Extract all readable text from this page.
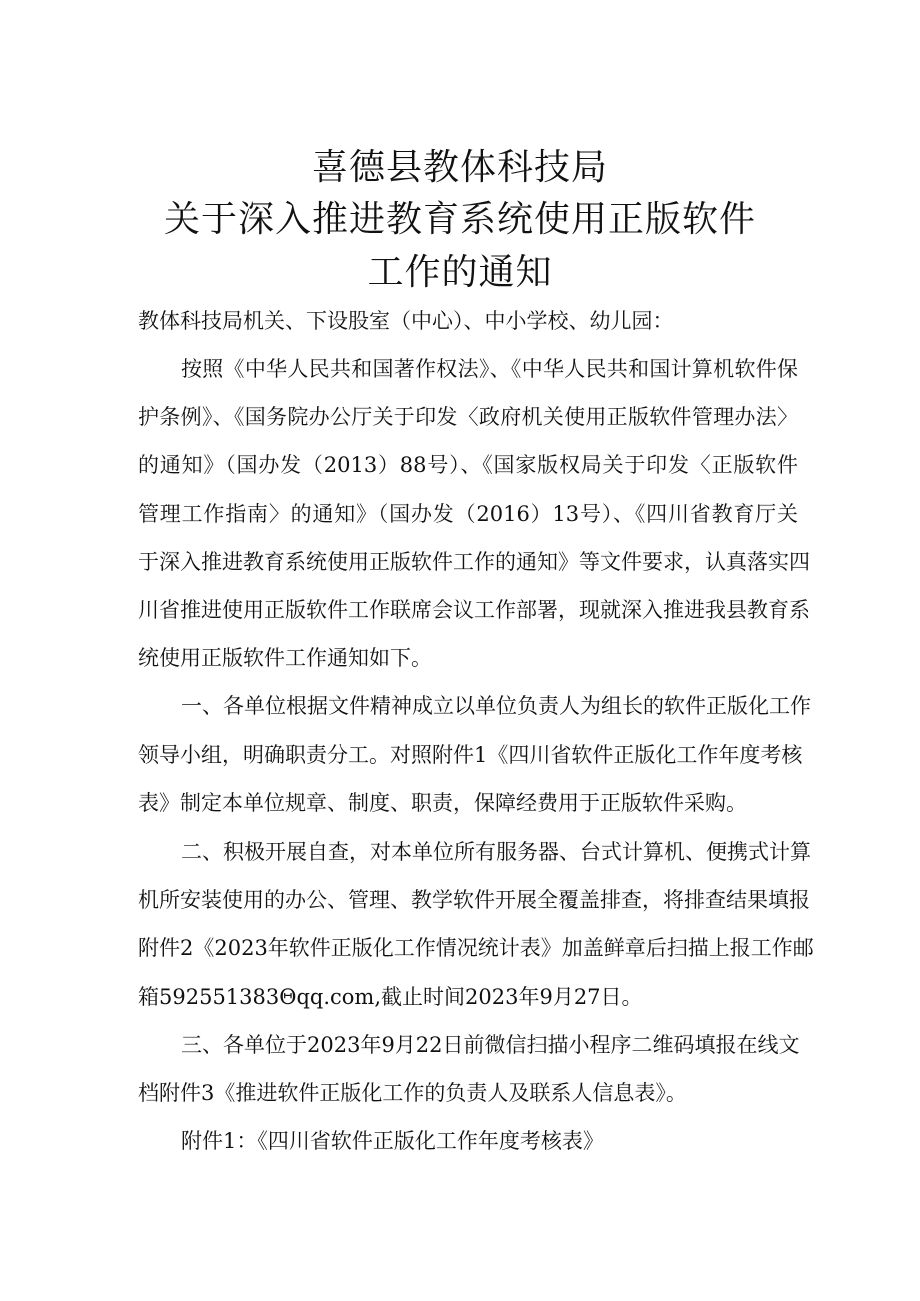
喜德县教体科技局
关于深入推进教育系统使用正版软件
工作的通知
教体科技局机关、下设股室（中心）、中小学校、幼儿园：
按照《中华人民共和国著作权法》、《中华人民共和国计算机软件保
护条例》、《国务院办公厅关于印发〈政府机关使用正版软件管理办法〉
的通知》（国办发（2013）88号）、《国家版权局关于印发〈正版软件
管理工作指南〉的通知》（国办发（2016）13号）、《四川省教育厅关
于深入推进教育系统使用正版软件工作的通知》等文件要求，认真落实四
川省推进使用正版软件工作联席会议工作部署，现就深入推进我县教育系
统使用正版软件工作通知如下。
一、各单位根据文件精神成立以单位负责人为组长的软件正版化工作
领导小组，明确职责分工。对照附件1《四川省软件正版化工作年度考核
表》制定本单位规章、制度、职责，保障经费用于正版软件采购。
二、积极开展自查，对本单位所有服务器、台式计算机、便携式计算
机所安装使用的办公、管理、教学软件开展全覆盖排查，将排查结果填报
附件2《2023年软件正版化工作情况统计表》加盖鲜章后扫描上报工作邮
箱592551383Θqq.com,截止时间2023年9月27日。
三、各单位于2023年9月22日前微信扫描小程序二维码填报在线文
档附件3《推进软件正版化工作的负责人及联系人信息表》。
附件1：《四川省软件正版化工作年度考核表》
